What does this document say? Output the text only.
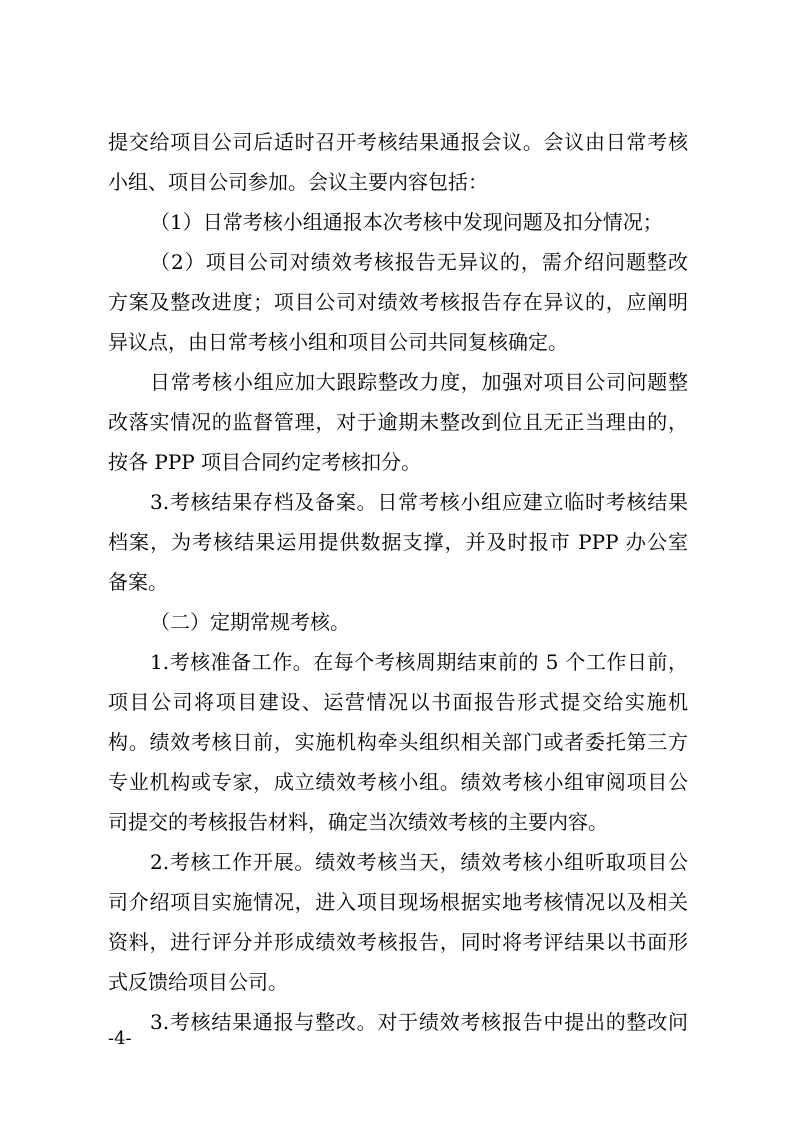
提交给项目公司后适时召开考核结果通报会议。会议由日常考核
小组、项目公司参加。会议主要内容包括：
（1）日常考核小组通报本次考核中发现问题及扣分情况；
（2）项目公司对绩效考核报告无异议的，需介绍问题整改
方案及整改进度；项目公司对绩效考核报告存在异议的，应阐明
异议点，由日常考核小组和项目公司共同复核确定。
日常考核小组应加大跟踪整改力度，加强对项目公司问题整
改落实情况的监督管理，对于逾期未整改到位且无正当理由的，
按各 PPP 项目合同约定考核扣分。
3.考核结果存档及备案。日常考核小组应建立临时考核结果
档案，为考核结果运用提供数据支撑，并及时报市 PPP 办公室
备案。
（二）定期常规考核。
1.考核准备工作。在每个考核周期结束前的 5 个工作日前，
项目公司将项目建设、运营情况以书面报告形式提交给实施机
构。绩效考核日前，实施机构牵头组织相关部门或者委托第三方
专业机构或专家，成立绩效考核小组。绩效考核小组审阅项目公
司提交的考核报告材料，确定当次绩效考核的主要内容。
2.考核工作开展。绩效考核当天，绩效考核小组听取项目公
司介绍项目实施情况，进入项目现场根据实地考核情况以及相关
资料，进行评分并形成绩效考核报告，同时将考评结果以书面形
式反馈给项目公司。
3.考核结果通报与整改。对于绩效考核报告中提出的整改问
-4-
